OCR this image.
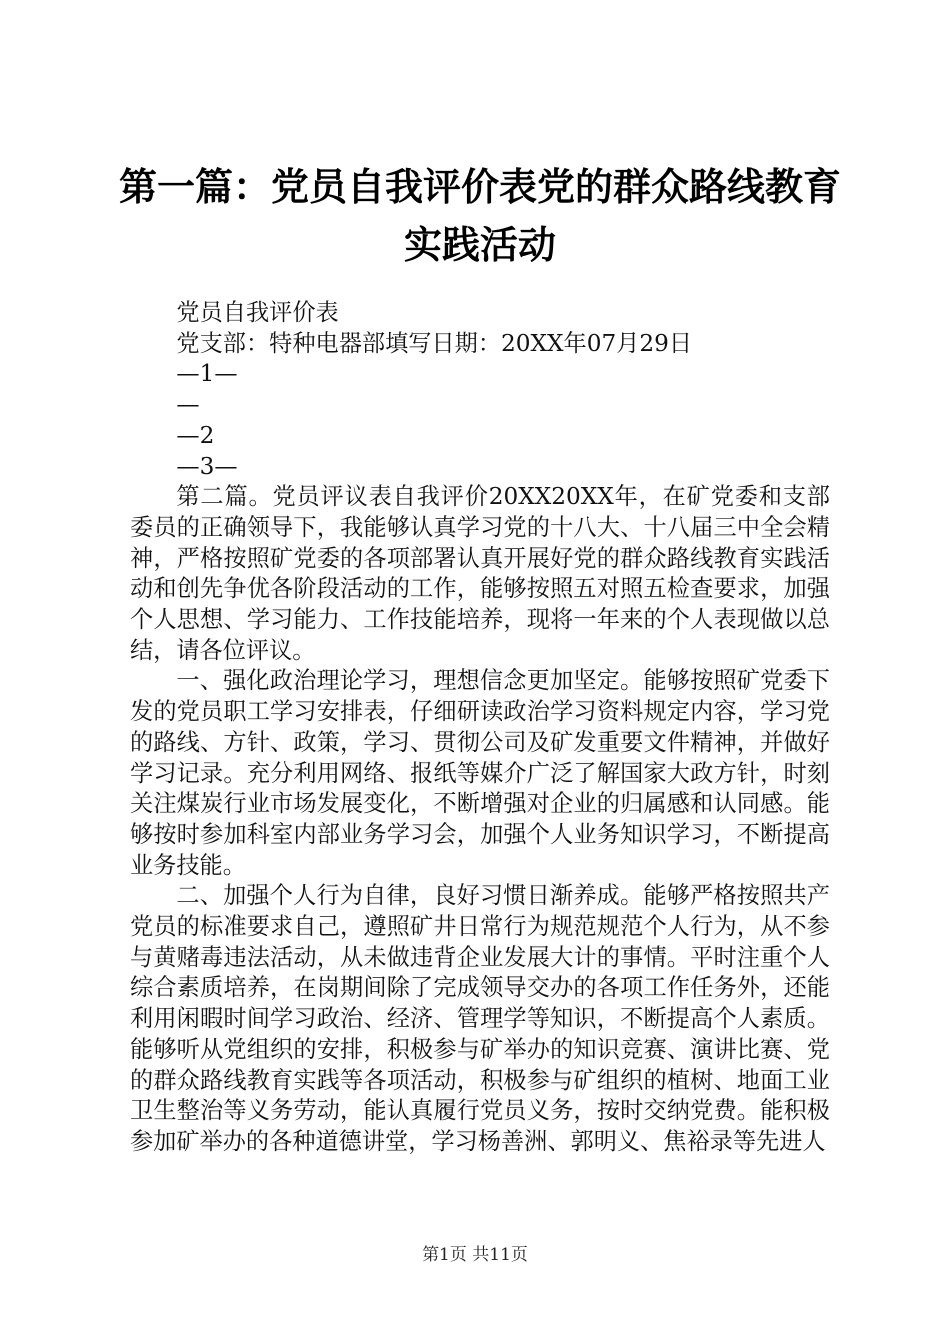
第一篇：党员自我评价表党的群众路线教育实践活动
党员自我评价表
党支部：特种电器部填写日期：20XX年07月29日
—1—
—
—2
—3—

第二篇。党员评议表自我评价20XX20XX年，在矿党委和支部委员的正确领导下，我能够认真学习党的十八大、十八届三中全会精神，严格按照矿党委的各项部署认真开展好党的群众路线教育实践活动和创先争优各阶段活动的工作，能够按照五对照五检查要求，加强个人思想、学习能力、工作技能培养，现将一年来的个人表现做以总结，请各位评议。

一、强化政治理论学习，理想信念更加坚定。能够按照矿党委下发的党员职工学习安排表，仔细研读政治学习资料规定内容，学习党的路线、方针、政策，学习、贯彻公司及矿发重要文件精神，并做好学习记录。充分利用网络、报纸等媒介广泛了解国家大政方针，时刻关注煤炭行业市场发展变化，不断增强对企业的归属感和认同感。能够按时参加科室内部业务学习会，加强个人业务知识学习，不断提高业务技能。

二、加强个人行为自律，良好习惯日渐养成。能够严格按照共产党员的标准要求自己，遵照矿井日常行为规范规范个人行为，从不参与黄赌毒违法活动，从未做违背企业发展大计的事情。平时注重个人综合素质培养，在岗期间除了完成领导交办的各项工作任务外，还能利用闲暇时间学习政治、经济、管理学等知识，不断提高个人素质。能够听从党组织的安排，积极参与矿举办的知识竞赛、演讲比赛、党的群众路线教育实践等各项活动，积极参与矿组织的植树、地面工业卫生整治等义务劳动，能认真履行党员义务，按时交纳党费。能积极参加矿举办的各种道德讲堂，学习杨善洲、郭明义、焦裕录等先进人

第1页 共11页
